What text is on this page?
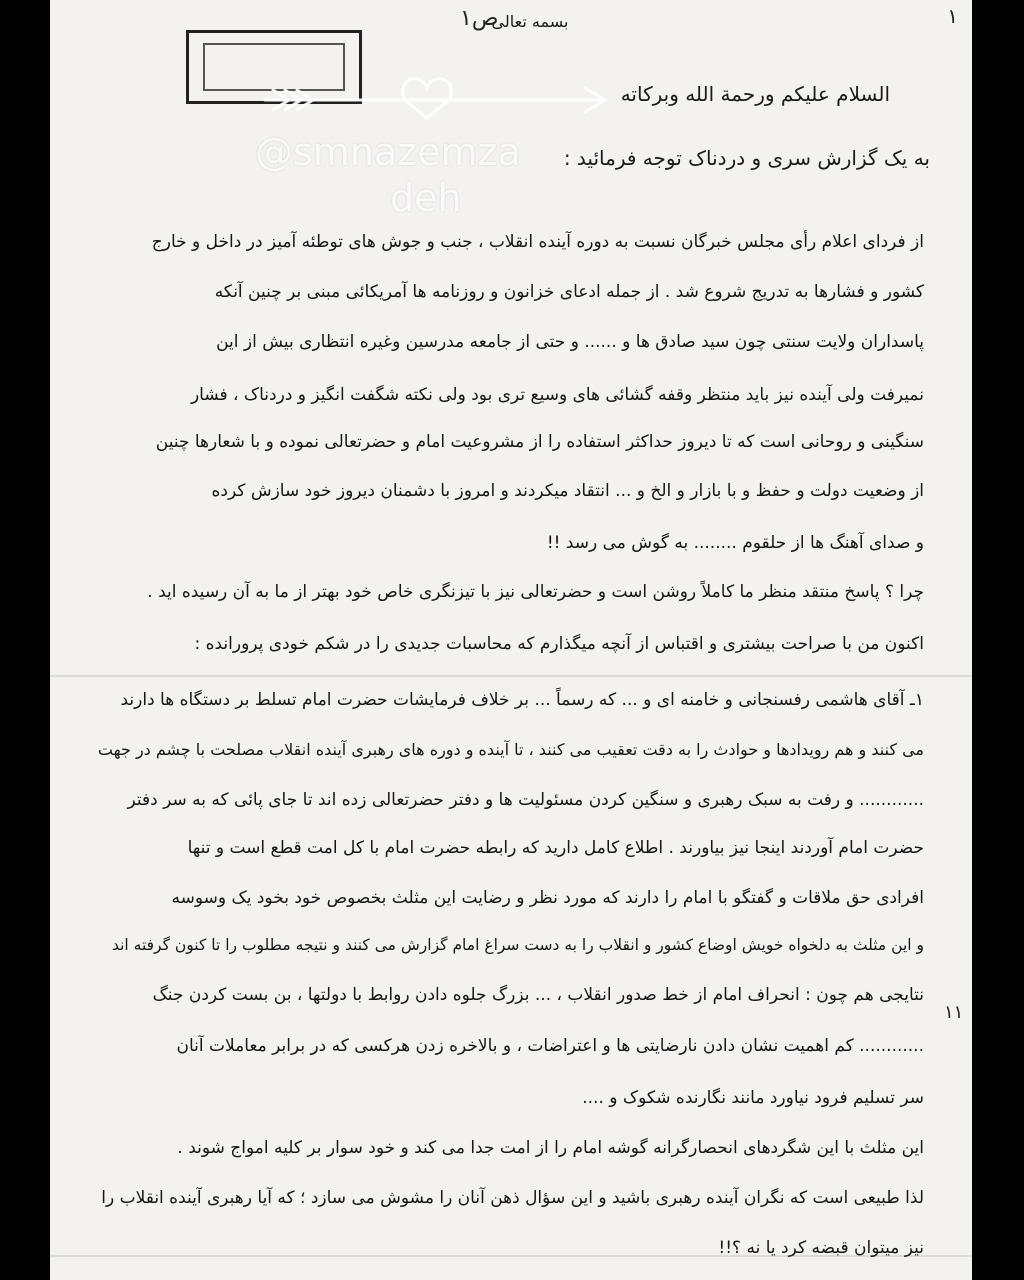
۱
ص۱
بسمه تعالی
السلام علیکم ورحمة الله وبرکاته
به یک گزارش سری و دردناک توجه فرمائید :
از فردای اعلام رأی مجلس خبرگان نسبت به دوره آینده انقلاب ، جنب و جوش های توطئه آمیز در داخل و خارج
کشور و فشارها به تدریج شروع شد . از جمله ادعای خزانون و روزنامه ها آمریکائی مبنی بر چنین آنکه
پاسداران ولایت سنتی چون سید صادق ها و ...... و حتی از جامعه مدرسین وغیره انتظاری بیش از این
نمیرفت ولی آینده نیز باید منتظر وقفه گشائی های وسیع تری بود ولی نکته شگفت انگیز و دردناک ، فشار
سنگینی و روحانی است که تا دیروز حداکثر استفاده را از مشروعیت امام و حضرتعالی نموده و با شعارها چنین
از وضعیت دولت و حفظ و با بازار و الخ و ... انتقاد میکردند و امروز با دشمنان دیروز خود سازش کرده
و صدای آهنگ ها از حلقوم ........ به گوش می رسد !!
چرا ؟ پاسخ منتقد منظر ما کاملاً روشن است و حضرتعالی نیز با تیزنگری خاص خود بهتر از ما به آن رسیده اید .
اکنون من با صراحت بیشتری و اقتباس از آنچه میگذارم که محاسبات جدیدی را در شکم خودی پرورانده :
۱ـ آقای هاشمی رفسنجانی و خامنه ای و ... که رسماً ... بر خلاف فرمایشات حضرت امام تسلط بر دستگاه ها دارند
می کنند و هم رویدادها و حوادث را به دقت تعقیب می کنند ، تا آینده و دوره های رهبری آینده انقلاب مصلحت با چشم در جهت
............ و رفت به سبک رهبری و سنگین کردن مسئولیت ها و دفتر حضرتعالی زده اند تا جای پائی که به سر دفتر
حضرت امام آوردند اینجا نیز بیاورند . اطلاع کامل دارید که رابطه حضرت امام با کل امت قطع است و تنها
افرادی حق ملاقات و گفتگو با امام را دارند که مورد نظر و رضایت این مثلث بخصوص خود بخود یک وسوسه
و این مثلث به دلخواه خویش اوضاع کشور و انقلاب را به دست سراغ امام گزارش می کنند و نتیجه مطلوب را تا کنون گرفته اند
نتایجی هم چون : انحراف امام از خط صدور انقلاب ، ... بزرگ جلوه دادن روابط با دولتها ، بن بست کردن جنگ
............ کم اهمیت نشان دادن نارضایتی ها و اعتراضات ، و بالاخره زدن هرکسی که در برابر معاملات آنان
سر تسلیم فرود نیاورد مانند نگارنده شکوک و ....
این مثلث با این شگردهای انحصارگرانه گوشه امام را از امت جدا می کند و خود سوار بر کلیه امواج شوند .
لذا طبیعی است که نگران آینده رهبری باشید و این سؤال ذهن آنان را مشوش می سازد ؛ که آیا رهبری آینده انقلاب را
نیز میتوان قبضه کرد یا نه ؟!!
١١
@smnazemza
deh
